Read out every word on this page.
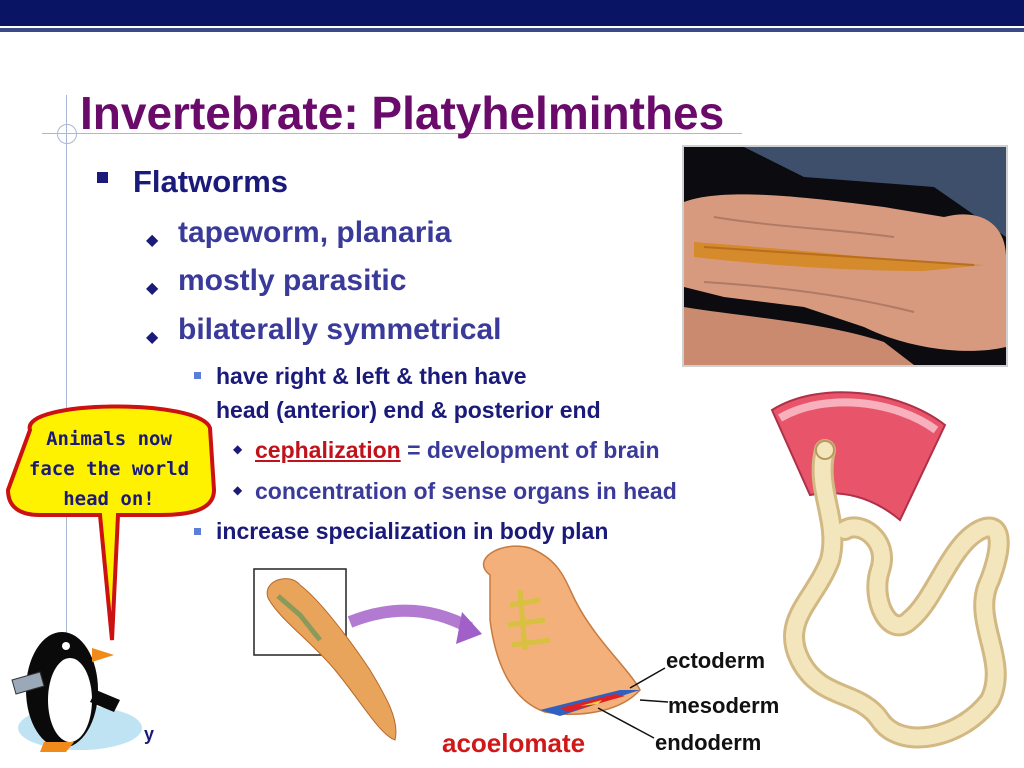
Invertebrate: Platyhelminthes
Flatworms
◆ tapeworm, planaria
◆ mostly parasitic
◆ bilaterally symmetrical
have right & left & then have
head (anterior) end & posterior end
◆ cephalization = development of brain
◆ concentration of sense organs in head
increase specialization in body plan
Animals now
face the world
head on!
y
ectoderm
mesoderm
endoderm
acoelomate
